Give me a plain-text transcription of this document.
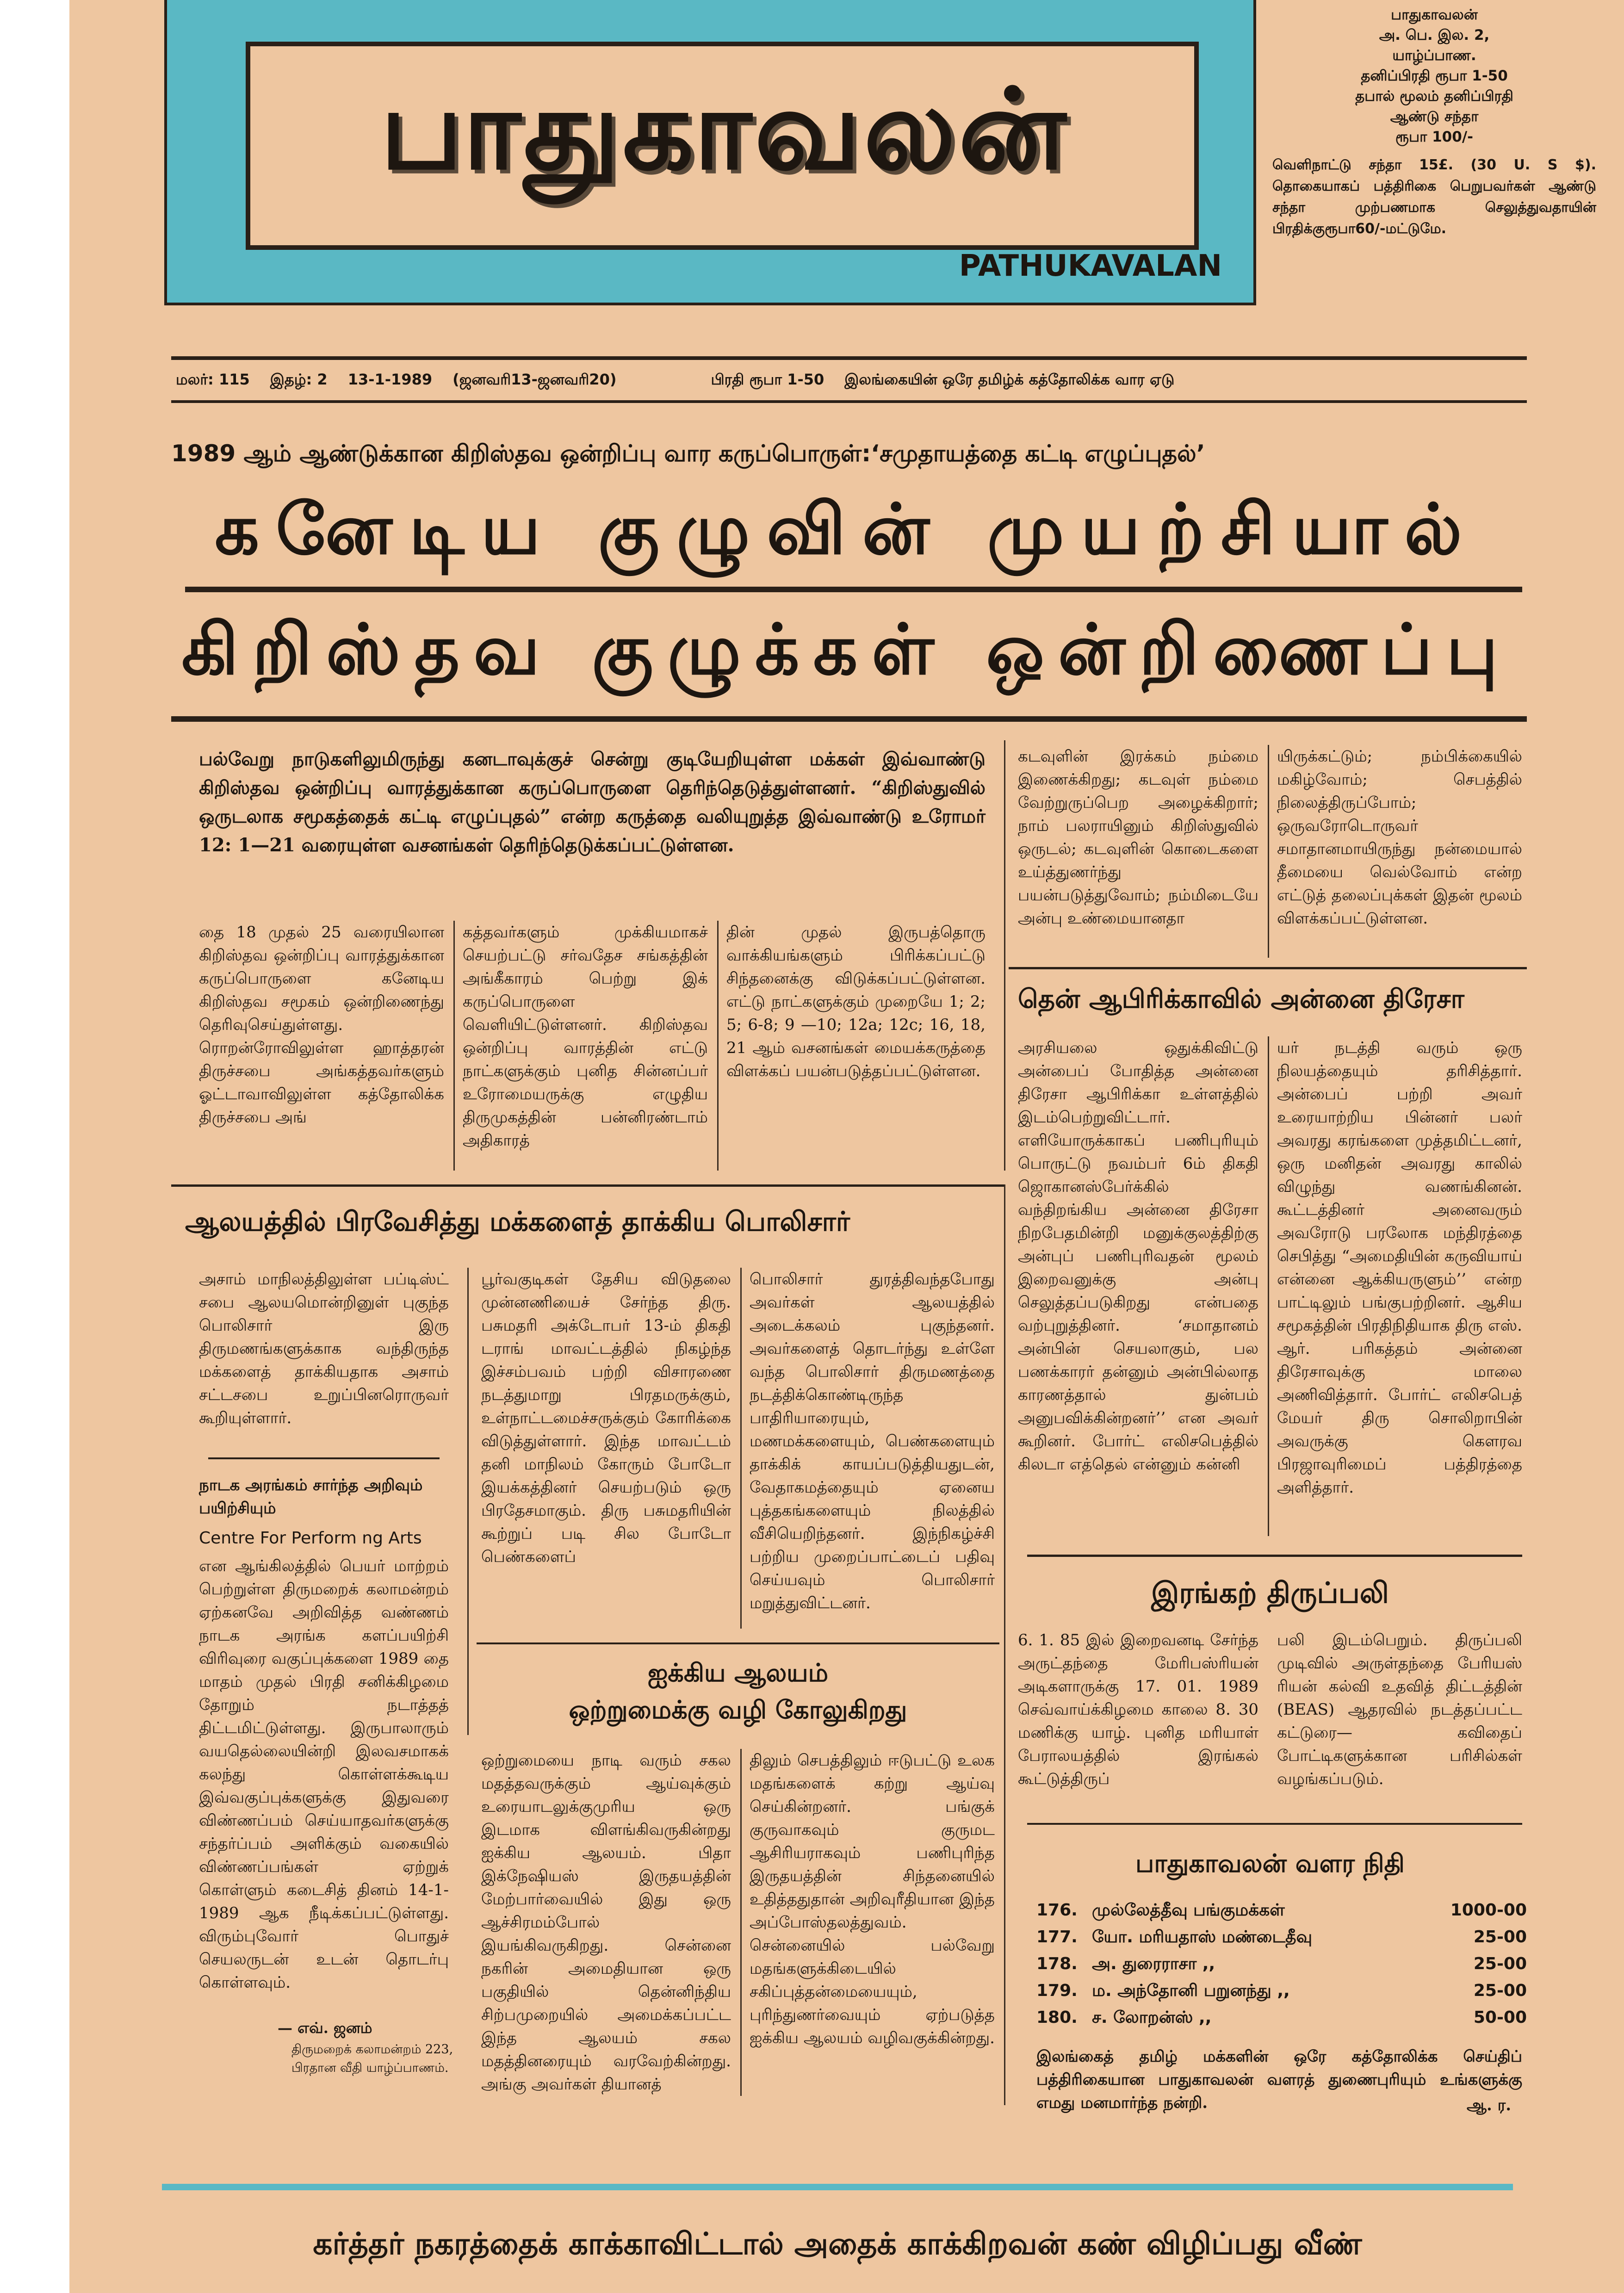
பாதுகாவலன்
PATHUKAVALAN
பாதுகாவலன்
அ. பெ. இல. 2,
யாழ்ப்பாண.
தனிப்பிரதி ரூபா 1-50
தபால் மூலம் தனிப்பிரதி
ஆண்டு சந்தா
ரூபா 100/-
வெளிநாட்டு சந்தா 15£. (30 U. S $). தொகையாகப் பத்திரிகை பெறுபவர்கள் ஆண்டு சந்தா முற்பணமாக செலுத்துவதாயின் பிரதிக்குரூபா60/-மட்டுமே.
மலர்: 115 இதழ்: 2 13-1-1989 (ஜனவரி13-ஜனவரி20)	பிரதி ரூபா 1-50 இலங்கையின் ஒரே தமிழ்க் கத்தோலிக்க வார ஏடு
1989 ஆம் ஆண்டுக்கான கிறிஸ்தவ ஒன்றிப்பு வார கருப்பொருள்:‘சமுதாயத்தை கட்டி எழுப்புதல்’
கனேடிய குழுவின் முயற்சியால்
கிறிஸ்தவ குழுக்கள் ஒன்றிணைப்பு
பல்வேறு நாடுகளிலுமிருந்து கனடாவுக்குச் சென்று குடியேறியுள்ள மக்கள் இவ்வாண்டு கிறிஸ்தவ ஒன்றிப்பு வாரத்துக்கான கருப்பொருளை தெரிந்தெடுத்துள்ளனர். “கிறிஸ்துவில் ஒருடலாக சமூகத்தைக் கட்டி எழுப்புதல்” என்ற கருத்தை வலியுறுத்த இவ்வாண்டு உரோமர் 12: 1—21 வரையுள்ள வசனங்கள் தெரிந்தெடுக்கப்பட்டுள்ளன.
தை 18 முதல் 25 வரையிலான கிறிஸ்தவ ஒன்றிப்பு வாரத்துக்கான கருப்பொருளை கனேடிய கிறிஸ்தவ சமூகம் ஒன்றிணைந்து தெரிவுசெய்துள்ளது. ரொறன்ரோவிலுள்ள ஹாத்தரன் திருச்சபை அங்கத்தவர்களும் ஓட்டாவாவிலுள்ள கத்தோலிக்க திருச்சபை அங்
கத்தவர்களும் முக்கியமாகச் செயற்பட்டு சர்வதேச சங்கத்தின் அங்கீகாரம் பெற்று இக் கருப்பொருளை வெளியிட்டுள்ளனர். கிறிஸ்தவ ஒன்றிப்பு வாரத்தின் எட்டு நாட்களுக்கும் புனித சின்னப்பர் உரோமையருக்கு எழுதிய திருமுகத்தின் பன்னிரண்டாம் அதிகாரத்
தின் முதல் இருபத்தொரு வாக்கியங்களும் பிரிக்கப்பட்டு சிந்தனைக்கு விடுக்கப்பட்டுள்ளன. எட்டு நாட்களுக்கும் முறையே 1; 2; 5; 6-8; 9 —10; 12a; 12c; 16, 18, 21 ஆம் வசனங்கள் மையக்கருத்தை விளக்கப் பயன்படுத்தப்பட்டுள்ளன.
கடவுளின் இரக்கம் நம்மை இணைக்கிறது; கடவுள் நம்மை வேற்றுருப்பெற அழைக்கிறார்; நாம் பலராயினும் கிறிஸ்துவில் ஒருடல்; கடவுளின் கொடைகளை உய்த்துணர்ந்து பயன்படுத்துவோம்; நம்மிடையே அன்பு உண்மையானதா
யிருக்கட்டும்; நம்பிக்கையில் மகிழ்வோம்; செபத்தில் நிலைத்திருப்போம்; ஒருவரோடொருவர் சமாதானமாயிருந்து நன்மையால் தீமையை வெல்வோம் என்ற எட்டுத் தலைப்புக்கள் இதன் மூலம் விளக்கப்பட்டுள்ளன.
தென் ஆபிரிக்காவில் அன்னை திரேசா
அரசியலை ஒதுக்கிவிட்டு அன்பைப் போதித்த அன்னை திரேசா ஆபிரிக்கா உள்ளத்தில் இடம்பெற்றுவிட்டார். எளியோருக்காகப் பணிபுரியும் பொருட்டு நவம்பர் 6ம் திகதி ஜொகானஸ்பேர்க்கில் வந்திறங்கிய அன்னை திரேசா நிறபேதமின்றி மனுக்குலத்திற்கு அன்புப் பணிபுரிவதன் மூலம் இறைவனுக்கு அன்பு செலுத்தப்படுகிறது என்பதை வற்புறுத்தினர். ‘சமாதானம் அன்பின் செயலாகும், பல பணக்காரர் தன்னும் அன்பில்லாத காரணத்தால் துன்பம் அனுபவிக்கின்றனர்’’ என அவர் கூறினர். போர்ட் எலிசபெத்தில் கிலடா எத்தெல் என்னும் கன்னி
யர் நடத்தி வரும் ஒரு நிலயத்தையும் தரிசித்தார். அன்பைப் பற்றி அவர் உரையாற்றிய பின்னர் பலர் அவரது கரங்களை முத்தமிட்டனர், ஒரு மனிதன் அவரது காலில் விழுந்து வணங்கினன். கூட்டத்தினர் அனைவரும் அவரோடு பரலோக மந்திரத்தை செபித்து “அமைதியின் கருவியாய் என்னை ஆக்கியருளும்’’ என்ற பாட்டிலும் பங்குபற்றினர். ஆசிய சமூகத்தின் பிரதிநிதியாக திரு எஸ். ஆர். பரிகத்தம் அன்னை திரேசாவுக்கு மாலை அணிவித்தார். போர்ட் எலிசபெத் மேயர் திரு சொலிறாபின் அவருக்கு கௌரவ பிரஜாவுரிமைப் பத்திரத்தை அளித்தார்.
ஆலயத்தில் பிரவேசித்து மக்களைத் தாக்கிய பொலிசார்
அசாம் மாநிலத்திலுள்ள பப்டிஸ்ட் சபை ஆலயமொன்றினுள் புகுந்த பொலிசார் இரு திருமணங்களுக்காக வந்திருந்த மக்களைத் தாக்கியதாக அசாம் சட்டசபை உறுப்பினரொருவர் கூறியுள்ளார்.
பூர்வகுடிகள் தேசிய விடுதலை முன்னணியைச் சேர்ந்த திரு. பசுமதரி அக்டோபர் 13-ம் திகதி டராங் மாவட்டத்தில் நிகழ்ந்த இச்சம்பவம் பற்றி விசாரணை நடத்துமாறு பிரதமருக்கும், உள்நாட்டமைச்சருக்கும் கோரிக்கை விடுத்துள்ளார். இந்த மாவட்டம் தனி மாநிலம் கோரும் போடோ இயக்கத்தினர் செயற்படும் ஒரு பிரதேசமாகும். திரு பசுமதரியின் கூற்றுப் படி சில போடோ பெண்களைப்
பொலிசார் துரத்திவந்தபோது அவர்கள் ஆலயத்தில் அடைக்கலம் புகுந்தனர். அவர்களைத் தொடர்ந்து உள்ளே வந்த பொலிசார் திருமணத்தை நடத்திக்கொண்டிருந்த பாதிரியாரையும், மணமக்களையும், பெண்களையும் தாக்கிக் காயப்படுத்தியதுடன், வேதாகமத்தையும் ஏனைய புத்தகங்களையும் நிலத்தில் வீசியெறிந்தனர். இந்நிகழ்ச்சி பற்றிய முறைப்பாட்டைப் பதிவு செய்யவும் பொலிசார் மறுத்துவிட்டனர்.
நாடக அரங்கம் சார்ந்த அறிவும் பயிற்சியும்
Centre For Perform ng Arts
என ஆங்கிலத்தில் பெயர் மாற்றம் பெற்றுள்ள திருமறைக் கலாமன்றம் ஏற்கனவே அறிவித்த வண்ணம் நாடக அரங்க களப்பயிற்சி விரிவுரை வகுப்புக்களை 1989 தை மாதம் முதல் பிரதி சனிக்கிழமை தோறும் நடாத்தத் திட்டமிட்டுள்ளது. இருபாலாரும் வயதெல்லையின்றி இலவசமாகக் கலந்து கொள்ளக்கூடிய இவ்வகுப்புக்களுக்கு இதுவரை விண்ணப்பம் செய்யாதவர்களுக்கு சந்தர்ப்பம் அளிக்கும் வகையில் விண்ணப்பங்கள் ஏற்றுக் கொள்ளும் கடைசித் தினம் 14-1-1989 ஆக நீடிக்கப்பட்டுள்ளது. விரும்புவோர் பொதுச் செயலருடன் உடன் தொடர்பு கொள்ளவும்.
— எவ். ஜனம்
திருமறைக் கலாமன்றம் 223, பிரதான வீதி யாழ்ப்பாணம்.
ஐக்கிய ஆலயம்
ஒற்றுமைக்கு வழி கோலுகிறது
ஒற்றுமையை நாடி வரும் சகல மதத்தவருக்கும் ஆய்வுக்கும் உரையாடலுக்குமுரிய ஒரு இடமாக விளங்கிவருகின்றது ஐக்கிய ஆலயம். பிதா இக்நேஷியஸ் இருதயத்தின் மேற்பார்வையில் இது ஒரு ஆச்சிரமம்போல் இயங்கிவருகிறது. சென்னை நகரின் அமைதியான ஒரு பகுதியில் தென்னிந்திய சிற்பமுறையில் அமைக்கப்பட்ட இந்த ஆலயம் சகல மதத்தினரையும் வரவேற்கின்றது. அங்கு அவர்கள் தியானத்
திலும் செபத்திலும் ஈடுபட்டு உலக மதங்களைக் கற்று ஆய்வு செய்கின்றனர். பங்குக் குருவாகவும் குருமட ஆசிரியராகவும் பணிபுரிந்த இருதயத்தின் சிந்தனையில் உதித்ததுதான் அறிவுரீதியான இந்த அப்போஸ்தலத்துவம். சென்னையில் பல்வேறு மதங்களுக்கிடையில் சகிப்புத்தன்மையையும், புரிந்துணர்வையும் ஏற்படுத்த ஐக்கிய ஆலயம் வழிவகுக்கின்றது.
இரங்கற் திருப்பலி
6. 1. 85 இல் இறைவனடி சேர்ந்த அருட்தந்தை மேரிபஸ்ரியன் அடிகளாருக்கு 17. 01. 1989 செவ்வாய்க்கிழமை காலை 8. 30 மணிக்கு யாழ். புனித மரியாள் பேராலயத்தில் இரங்கல் கூட்டுத்திருப்
பலி இடம்பெறும். திருப்பலி முடிவில் அருள்தந்தை பேரியஸ் ரியன் கல்வி உதவித் திட்டத்தின் (BEAS) ஆதரவில் நடத்தப்பட்ட கட்டுரை— கவிதைப் போட்டிகளுக்கான பரிசில்கள் வழங்கப்படும்.
பாதுகாவலன் வளர நிதி
176. முல்லேத்தீவு பங்குமக்கள்	1000-00
177. யோ. மரியதாஸ் மண்டைதீவு	25-00
178. அ. துரைராசா ,,	25-00
179. ம. அந்தோனி பறுனந்து ,,	25-00
180. ச. லோறன்ஸ் ,,	50-00
இலங்கைத் தமிழ் மக்களின் ஒரே கத்தோலிக்க செய்திப் பத்திரிகையான பாதுகாவலன் வளரத் துணைபுரியும் உங்களுக்கு எமது மனமார்ந்த நன்றி.	ஆ. ர.
கர்த்தர் நகரத்தைக் காக்காவிட்டால் அதைக் காக்கிறவன் கண் விழிப்பது வீண்
